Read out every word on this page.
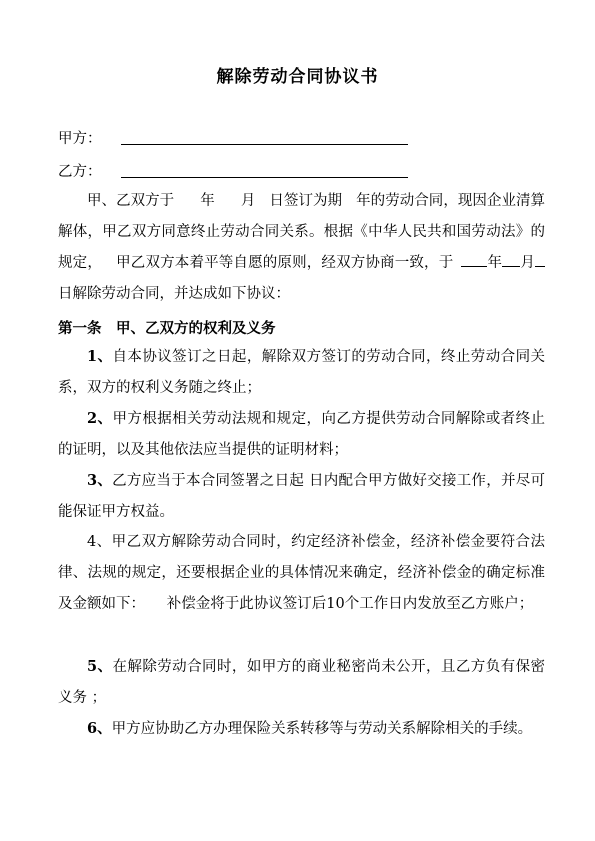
解除劳动合同协议书
甲方：
乙方：

甲、乙双方于 年 月 日签订为期 年的劳动合同，现因企业清算解体，甲乙双方同意终止劳动合同关系。根据《中华人民共和国劳动法》的规定， 甲乙双方本着平等自愿的原则，经双方协商一致，于 年 月日解除劳动合同，并达成如下协议：

第一条　甲、乙双方的权利及义务

1、自本协议签订之日起，解除双方签订的劳动合同，终止劳动合同关系，双方的权利义务随之终止；

2、甲方根据相关劳动法规和规定，向乙方提供劳动合同解除或者终止的证明，以及其他依法应当提供的证明材料；

3、乙方应当于本合同签署之日起 日内配合甲方做好交接工作，并尽可能保证甲方权益。

4、甲乙双方解除劳动合同时，约定经济补偿金，经济补偿金要符合法律、法规的规定，还要根据企业的具体情况来确定，经济补偿金的确定标准及金额如下：　　补偿金将于此协议签订后10个工作日内发放至乙方账户；

5、在解除劳动合同时，如甲方的商业秘密尚未公开，且乙方负有保密义务 ；

6、甲方应协助乙方办理保险关系转移等与劳动关系解除相关的手续。
